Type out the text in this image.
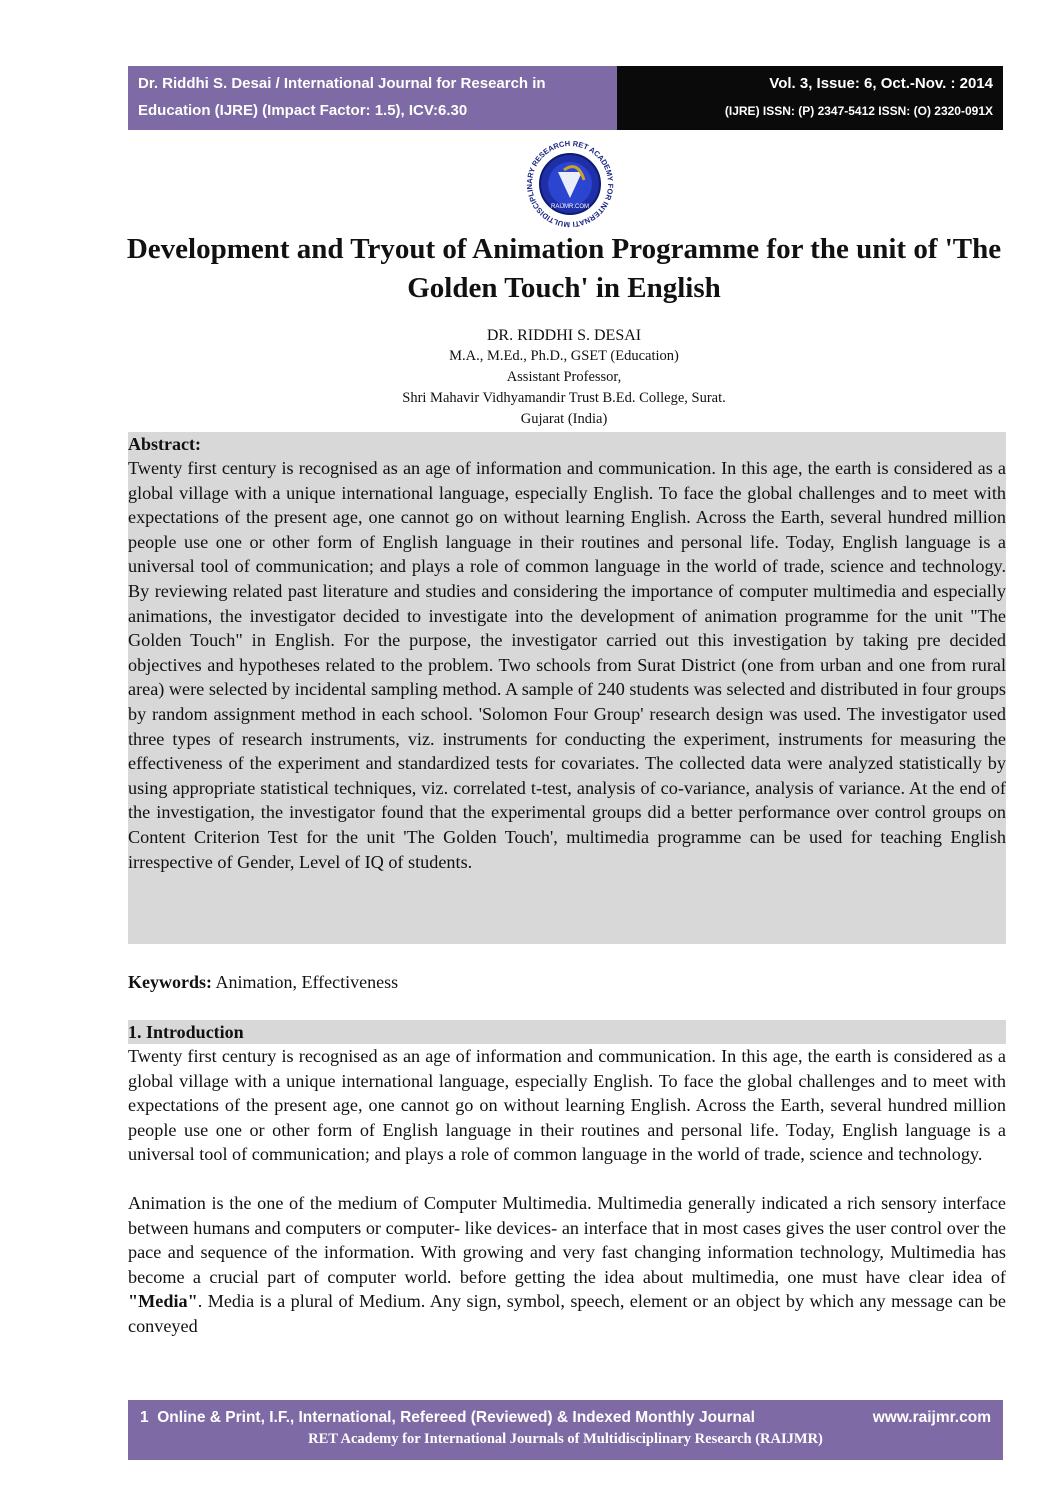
Dr. Riddhi S. Desai / International Journal for Research in
Education (IJRE) (Impact Factor: 1.5), ICV:6.30
Vol. 3, Issue: 6, Oct.-Nov. : 2014
(IJRE) ISSN: (P) 2347-5412 ISSN: (O) 2320-091X
MULTIDISCIPLINARY RESEARCH RET ACADEMY FOR INTERNATI
RAIJMR.COM
Development and Tryout of Animation Programme for the unit of 'The Golden Touch' in English
DR. RIDDHI S. DESAI
M.A., M.Ed., Ph.D., GSET (Education)
Assistant Professor,
Shri Mahavir Vidhyamandir Trust B.Ed. College, Surat.
Gujarat (India)
Abstract:
Twenty first century is recognised as an age of information and communication. In this age, the earth is considered as a global village with a unique international language, especially English. To face the global challenges and to meet with expectations of the present age, one cannot go on without learning English. Across the Earth, several hundred million people use one or other form of English language in their routines and personal life. Today, English language is a universal tool of communication; and plays a role of common language in the world of trade, science and technology. By reviewing related past literature and studies and considering the importance of computer multimedia and especially animations, the investigator decided to investigate into the development of animation programme for the unit "The Golden Touch" in English. For the purpose, the investigator carried out this investigation by taking pre decided objectives and hypotheses related to the problem. Two schools from Surat District (one from urban and one from rural area) were selected by incidental sampling method. A sample of 240 students was selected and distributed in four groups by random assignment method in each school. 'Solomon Four Group' research design was used. The investigator used three types of research instruments, viz. instruments for conducting the experiment, instruments for measuring the effectiveness of the experiment and standardized tests for covariates. The collected data were analyzed statistically by using appropriate statistical techniques, viz. correlated t-test, analysis of co-variance, analysis of variance. At the end of the investigation, the investigator found that the experimental groups did a better performance over control groups on Content Criterion Test for the unit 'The Golden Touch', multimedia programme can be used for teaching English irrespective of Gender, Level of IQ of students.
Keywords: Animation, Effectiveness
1. Introduction
Twenty first century is recognised as an age of information and communication. In this age, the earth is considered as a global village with a unique international language, especially English. To face the global challenges and to meet with expectations of the present age, one cannot go on without learning English. Across the Earth, several hundred million people use one or other form of English language in their routines and personal life. Today, English language is a universal tool of communication; and plays a role of common language in the world of trade, science and technology.
Animation is the one of the medium of Computer Multimedia. Multimedia generally indicated a rich sensory interface between humans and computers or computer- like devices- an interface that in most cases gives the user control over the pace and sequence of the information. With growing and very fast changing information technology, Multimedia has become a crucial part of computer world. before getting the idea about multimedia, one must have clear idea of "Media". Media is a plural of Medium. Any sign, symbol, speech, element or an object by which any message can be conveyed
1 Online & Print, I.F., International, Refereed (Reviewed) & Indexed Monthly Journal	www.raijmr.com
RET Academy for International Journals of Multidisciplinary Research (RAIJMR)
